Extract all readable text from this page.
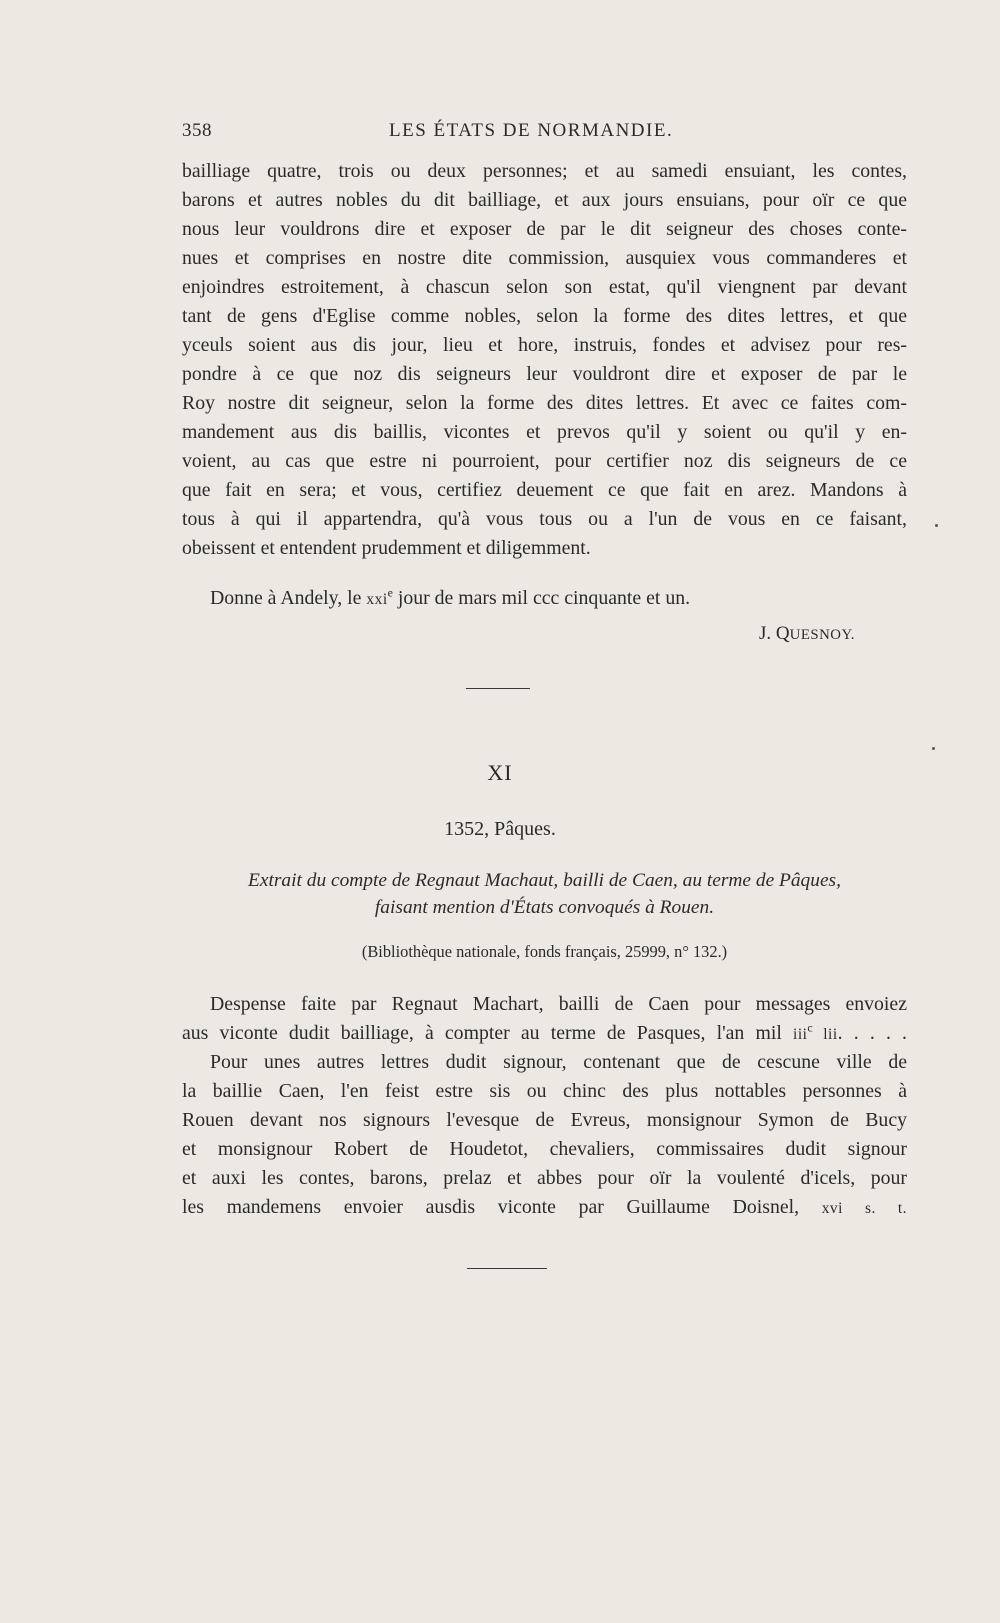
358	LES ÉTATS DE NORMANDIE.
bailliage quatre, trois ou deux personnes; et au samedi ensuiant, les contes,
barons et autres nobles du dit bailliage, et aux jours ensuians, pour oïr ce que
nous leur vouldrons dire et exposer de par le dit seigneur des choses conte-
nues et comprises en nostre dite commission, ausquiex vous commanderes et
enjoindres estroitement, à chascun selon son estat, qu'il viengnent par devant
tant de gens d'Eglise comme nobles, selon la forme des dites lettres, et que
yceuls soient aus dis jour, lieu et hore, instruis, fondes et advisez pour res-
pondre à ce que noz dis seigneurs leur vouldront dire et exposer de par le
Roy nostre dit seigneur, selon la forme des dites lettres. Et avec ce faites com-
mandement aus dis baillis, vicontes et prevos qu'il y soient ou qu'il y en-
voient, au cas que estre ni pourroient, pour certifier noz dis seigneurs de ce
que fait en sera; et vous, certifiez deuement ce que fait en arez. Mandons à
tous à qui il appartendra, qu'à vous tous ou a l'un de vous en ce faisant,
obeissent et entendent prudemment et diligemment.
Donne à Andely, le xxi$^e$ jour de mars mil ccc cinquante et un.
J. QUESNOY.
XI
1352, Pâques.
Extrait du compte de Regnaut Machaut, bailli de Caen, au terme de Pâques,
faisant mention d'États convoqués à Rouen.
(Bibliothèque nationale, fonds français, 25999, n° 132.)
Despense faite par Regnaut Machart, bailli de Caen pour messages envoiez
aus viconte dudit bailliage, à compter au terme de Pasques, l'an mil iii$^c$ lii. . . . .
Pour unes autres lettres dudit signour, contenant que de cescune ville de
la baillie Caen, l'en feist estre sis ou chinc des plus nottables personnes à
Rouen devant nos signours l'evesque de Evreus, monsignour Symon de Bucy
et monsignour Robert de Houdetot, chevaliers, commissaires dudit signour
et auxi les contes, barons, prelaz et abbes pour oïr la voulenté d'icels, pour
les mandemens envoier ausdis viconte par Guillaume Doisnel, xvi s. t.
